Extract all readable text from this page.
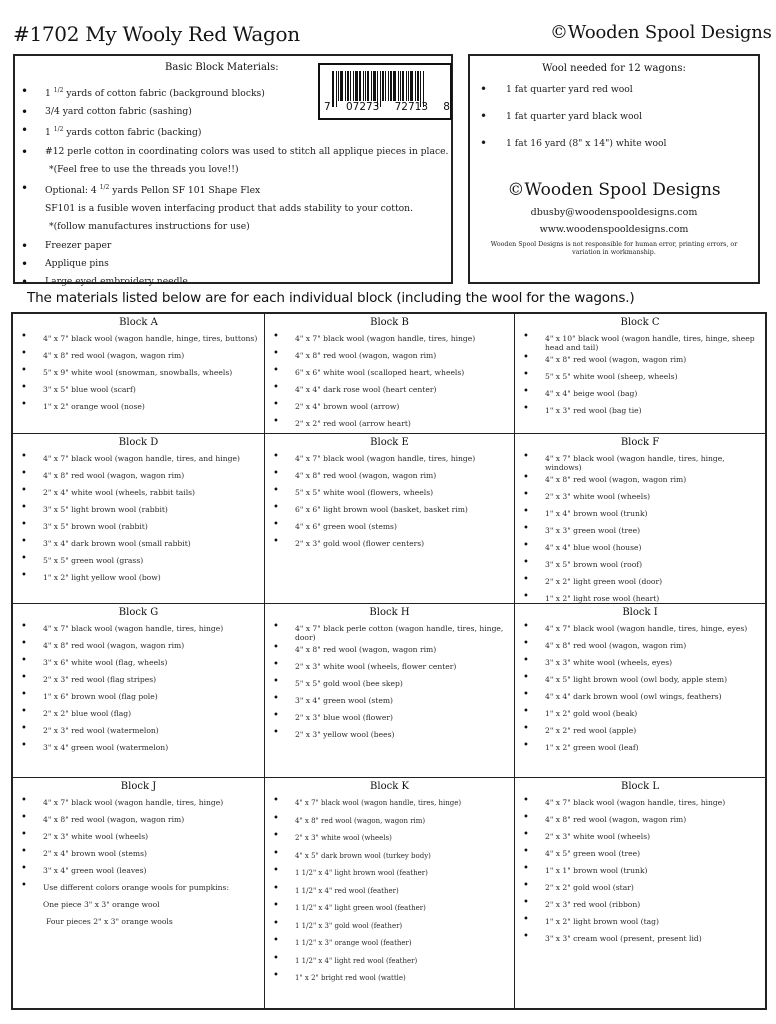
#1702 My Wooly Red Wagon	©Wooden Spool Designs
Basic Block Materials:
7 07273 72713 8
• 1 $^{1/2}$ yards of cotton fabric (background blocks)
• 3/4 yard cotton fabric (sashing)
• 1 $^{1/2}$ yards cotton fabric (backing)
• #12 perle cotton in coordinating colors was used to stitch all applique pieces in place.
*(Feel free to use the threads you love!!)
• Optional: 4 $^{1/2}$ yards Pellon SF 101 Shape Flex
SF101 is a fusible woven interfacing product that adds stability to your cotton.
*(follow manufactures instructions for use)
• Freezer paper
• Applique pins
• Large eyed embroidery needle
Wool needed for 12 wagons:
• 1 fat quarter yard red wool
• 1 fat quarter yard black wool
• 1 fat 16 yard (8" x 14") white wool
©Wooden Spool Designs
dbusby@woodenspooldesigns.com
www.woodenspooldesigns.com
Wooden Spool Designs is not responsible for human error, printing errors, or variation in workmanship.
The materials listed below are for each individual block (including the wool for the wagons.)
Block A
• 4" x 7" black wool (wagon handle, hinge, tires, buttons)
• 4" x 8" red wool (wagon, wagon rim)
• 5" x 9" white wool (snowman, snowballs, wheels)
• 3" x 5" blue wool (scarf)
• 1" x 2" orange wool (nose)
Block B
• 4" x 7" black wool (wagon handle, tires, hinge)
• 4" x 8" red wool (wagon, wagon rim)
• 6" x 6" white wool (scalloped heart, wheels)
• 4" x 4" dark rose wool (heart center)
• 2" x 4" brown wool (arrow)
• 2" x 2" red wool (arrow heart)
Block C
• 4" x 10" black wool (wagon handle, tires, hinge, sheep head and tail)
• 4" x 8" red wool (wagon, wagon rim)
• 5" x 5" white wool (sheep, wheels)
• 4" x 4" beige wool (bag)
• 1" x 3" red wool (bag tie)
Block D
• 4" x 7" black wool (wagon handle, tires, and hinge)
• 4" x 8" red wool (wagon, wagon rim)
• 2" x 4" white wool (wheels, rabbit tails)
• 3" x 5" light brown wool (rabbit)
• 3" x 5" brown wool (rabbit)
• 3" x 4" dark brown wool (small rabbit)
• 5" x 5" green wool (grass)
• 1" x 2" light yellow wool (bow)
Block E
• 4" x 7" black wool (wagon handle, tires, hinge)
• 4" x 8" red wool (wagon, wagon rim)
• 5" x 5" white wool (flowers, wheels)
• 6" x 6" light brown wool (basket, basket rim)
• 4" x 6" green wool (stems)
• 2" x 3" gold wool (flower centers)
Block F
• 4" x 7" black wool (wagon handle, tires, hinge, windows)
• 4" x 8" red wool (wagon, wagon rim)
• 2" x 3" white wool (wheels)
• 1" x 4" brown wool (trunk)
• 3" x 3" green wool (tree)
• 4" x 4" blue wool (house)
• 3" x 5" brown wool (roof)
• 2" x 2" light green wool (door)
• 1" x 2" light rose wool (heart)
Block G
• 4" x 7" black wool (wagon handle, tires, hinge)
• 4" x 8" red wool (wagon, wagon rim)
• 3" x 6" white wool (flag, wheels)
• 2" x 3" red wool (flag stripes)
• 1" x 6" brown wool (flag pole)
• 2" x 2" blue wool (flag)
• 2" x 3" red wool (watermelon)
• 3" x 4" green wool (watermelon)
Block H
• 4" x 7" black perle cotton (wagon handle, tires, hinge, door)
• 4" x 8" red wool (wagon, wagon rim)
• 2" x 3" white wool (wheels, flower center)
• 5" x 5" gold wool (bee skep)
• 3" x 4" green wool (stem)
• 2" x 3" blue wool (flower)
• 2" x 3" yellow wool (bees)
Block I
• 4" x 7" black wool (wagon handle, tires, hinge, eyes)
• 4" x 8" red wool (wagon, wagon rim)
• 3" x 3" white wool (wheels, eyes)
• 4" x 5" light brown wool (owl body, apple stem)
• 4" x 4" dark brown wool (owl wings, feathers)
• 1" x 2" gold wool (beak)
• 2" x 2" red wool (apple)
• 1" x 2" green wool (leaf)
Block J
• 4" x 7" black wool (wagon handle, tires, hinge)
• 4" x 8" red wool (wagon, wagon rim)
• 2" x 3" white wool (wheels)
• 2" x 4" brown wool (stems)
• 3" x 4" green wool (leaves)
• Use different colors orange wools for pumpkins:
One piece 3" x 3" orange wool
Four pieces 2" x 3" orange wools
Block K
• 4" x 7" black wool (wagon handle, tires, hinge)
• 4" x 8" red wool (wagon, wagon rim)
• 2" x 3" white wool (wheels)
• 4" x 5" dark brown wool (turkey body)
• 1 1/2" x 4" light brown wool (feather)
• 1 1/2" x 4" red wool (feather)
• 1 1/2" x 4" light green wool (feather)
• 1 1/2" x 3" gold wool (feather)
• 1 1/2" x 3" orange wool (feather)
• 1 1/2" x 4" light red wool (feather)
• 1" x 2" bright red wool (wattle)
Block L
• 4" x 7" black wool (wagon handle, tires, hinge)
• 4" x 8" red wool (wagon, wagon rim)
• 2" x 3" white wool (wheels)
• 4" x 5" green wool (tree)
• 1" x 1" brown wool (trunk)
• 2" x 2" gold wool (star)
• 2" x 3" red wool (ribbon)
• 1" x 2" light brown wool (tag)
• 3" x 3" cream wool (present, present lid)
